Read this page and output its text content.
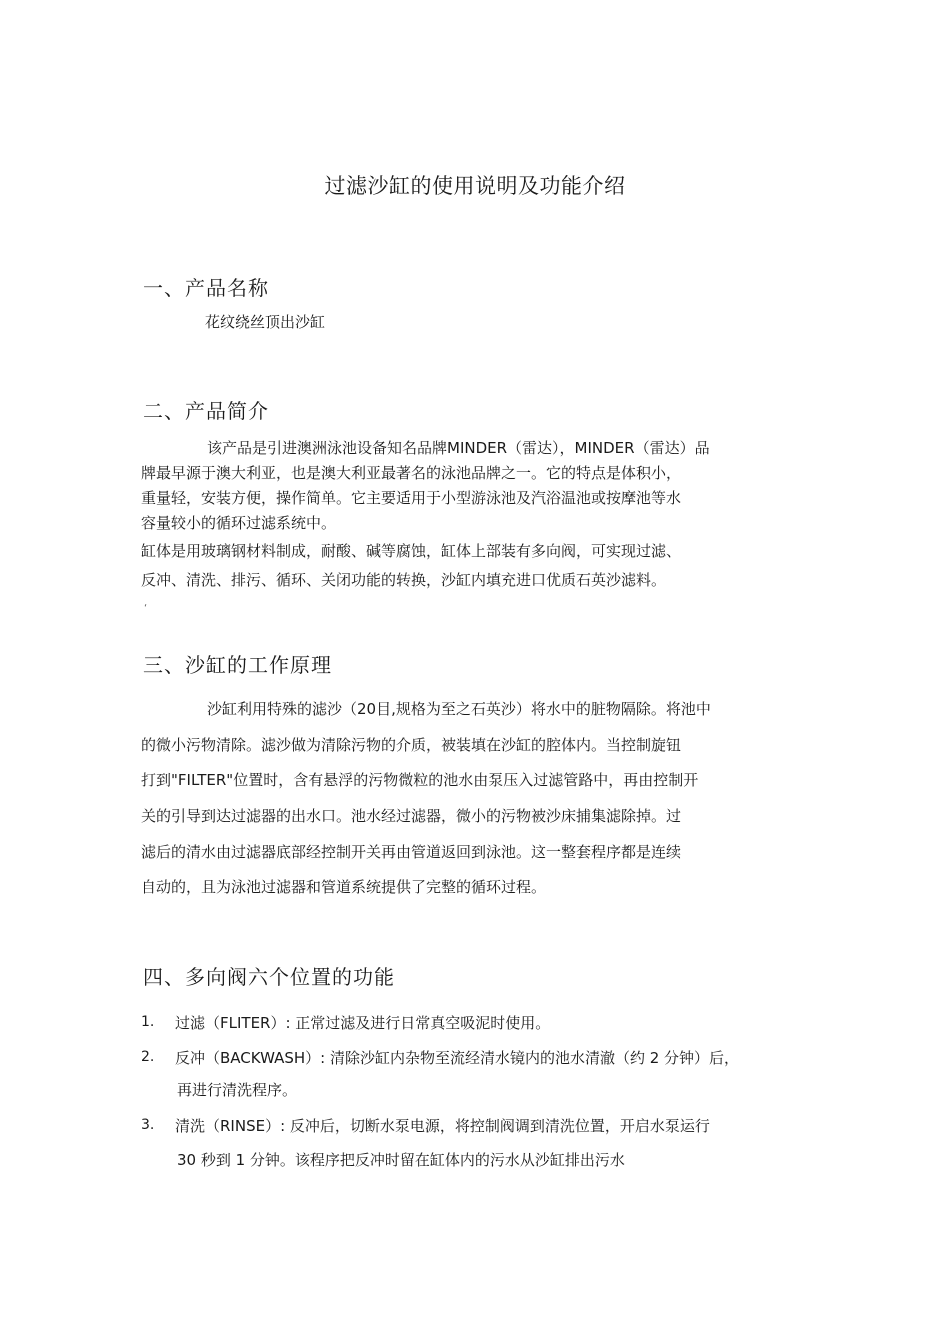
过滤沙缸的使用说明及功能介绍
一、产品名称
花纹绕丝顶出沙缸
二、产品简介
该产品是引进澳洲泳池设备知名品牌MINDER（雷达），MINDER（雷达）品
牌最早源于澳大利亚，也是澳大利亚最著名的泳池品牌之一。它的特点是体积小，
重量轻，安装方便，操作简单。它主要适用于小型游泳池及汽浴温池或按摩池等水
容量较小的循环过滤系统中。
缸体是用玻璃钢材料制成，耐酸、碱等腐蚀，缸体上部装有多向阀，可实现过滤、
反冲、清洗、排污、循环、关闭功能的转换，沙缸内填充进口优质石英沙滤料。
‘
三、沙缸的工作原理
沙缸利用特殊的滤沙（20目,规格为至之石英沙）将水中的脏物隔除。将池中
的微小污物清除。滤沙做为清除污物的介质，被装填在沙缸的腔体内。当控制旋钮
打到"FILTER"位置时，含有悬浮的污物微粒的池水由泵压入过滤管路中，再由控制开
关的引导到达过滤器的出水口。池水经过滤器，微小的污物被沙床捕集滤除掉。过
滤后的清水由过滤器底部经控制开关再由管道返回到泳池。这一整套程序都是连续
自动的，且为泳池过滤器和管道系统提供了完整的循环过程。
四、多向阀六个位置的功能
1. 过滤（FLITER）: 正常过滤及进行日常真空吸泥时使用。
2. 反冲（BACKWASH）: 清除沙缸内杂物至流经清水镜内的池水清澈（约 2 分钟）后，
再进行清洗程序。
3. 清洗（RINSE）: 反冲后，切断水泵电源，将控制阀调到清洗位置，开启水泵运行
30 秒到 1 分钟。该程序把反冲时留在缸体内的污水从沙缸排出污水
